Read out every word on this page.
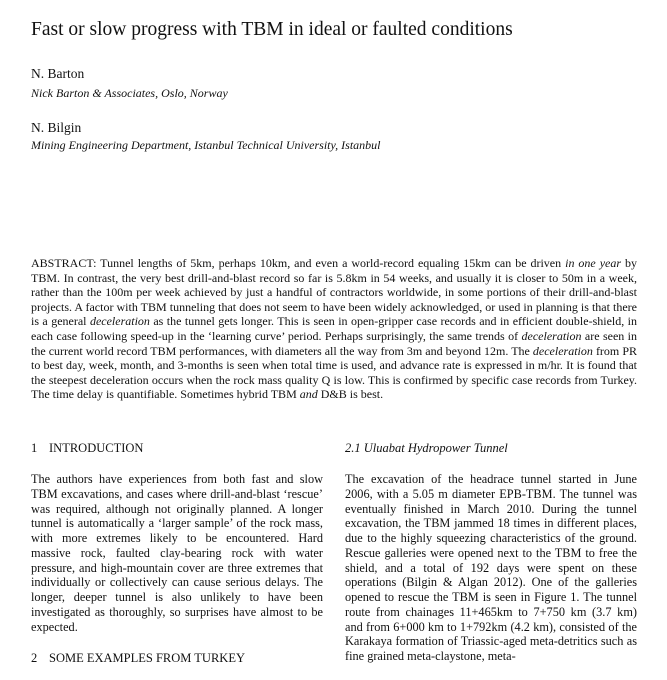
Fast or slow progress with TBM in ideal or faulted conditions
N. Barton
Nick Barton & Associates, Oslo, Norway
N. Bilgin
Mining Engineering Department, Istanbul Technical University, Istanbul

ABSTRACT: Tunnel lengths of 5km, perhaps 10km, and even a world-record equaling 15km can be driven in one year by TBM. In contrast, the very best drill-and-blast record so far is 5.8km in 54 weeks, and usually it is closer to 50m in a week, rather than the 100m per week achieved by just a handful of contractors worldwide, in some portions of their drill-and-blast projects. A factor with TBM tunneling that does not seem to have been widely acknowledged, or used in planning is that there is a general deceleration as the tunnel gets longer. This is seen in open-gripper case records and in efficient double-shield, in each case following speed-up in the ‘learning curve’ period. Perhaps surprisingly, the same trends of deceleration are seen in the current world record TBM performances, with diameters all the way from 3m and beyond 12m. The deceleration from PR to best day, week, month, and 3-months is seen when total time is used, and advance rate is expressed in m/hr. It is found that the steepest deceleration occurs when the rock mass quality Q is low. This is confirmed by specific case records from Turkey. The time delay is quantifiable. Sometimes hybrid TBM and D&B is best.

1 INTRODUCTION

The authors have experiences from both fast and slow TBM excavations, and cases where drill-and-blast ‘rescue’ was required, although not originally planned. A longer tunnel is automatically a ‘larger sample’ of the rock mass, with more extremes likely to be encountered. Hard massive rock, faulted clay-bearing rock with water pressure, and high-mountain cover are three extremes that individually or collectively can cause serious delays. The longer, deeper tunnel is also unlikely to have been investigated as thoroughly, so surprises have almost to be expected.

2 SOME EXAMPLES FROM TURKEY
2.1 Uluabat Hydropower Tunnel

The excavation of the headrace tunnel started in June 2006, with a 5.05 m diameter EPB-TBM. The tunnel was eventually finished in March 2010. During the tunnel excavation, the TBM jammed 18 times in different places, due to the highly squeezing characteristics of the ground. Rescue galleries were opened next to the TBM to free the shield, and a total of 192 days were spent on these operations (Bilgin & Algan 2012). One of the galleries opened to rescue the TBM is seen in Figure 1. The tunnel route from chainages 11+465km to 7+750 km (3.7 km) and from 6+000 km to 1+792km (4.2 km), consisted of the Karakaya formation of Triassic-aged meta-detritics such as fine grained meta-claystone, meta-
